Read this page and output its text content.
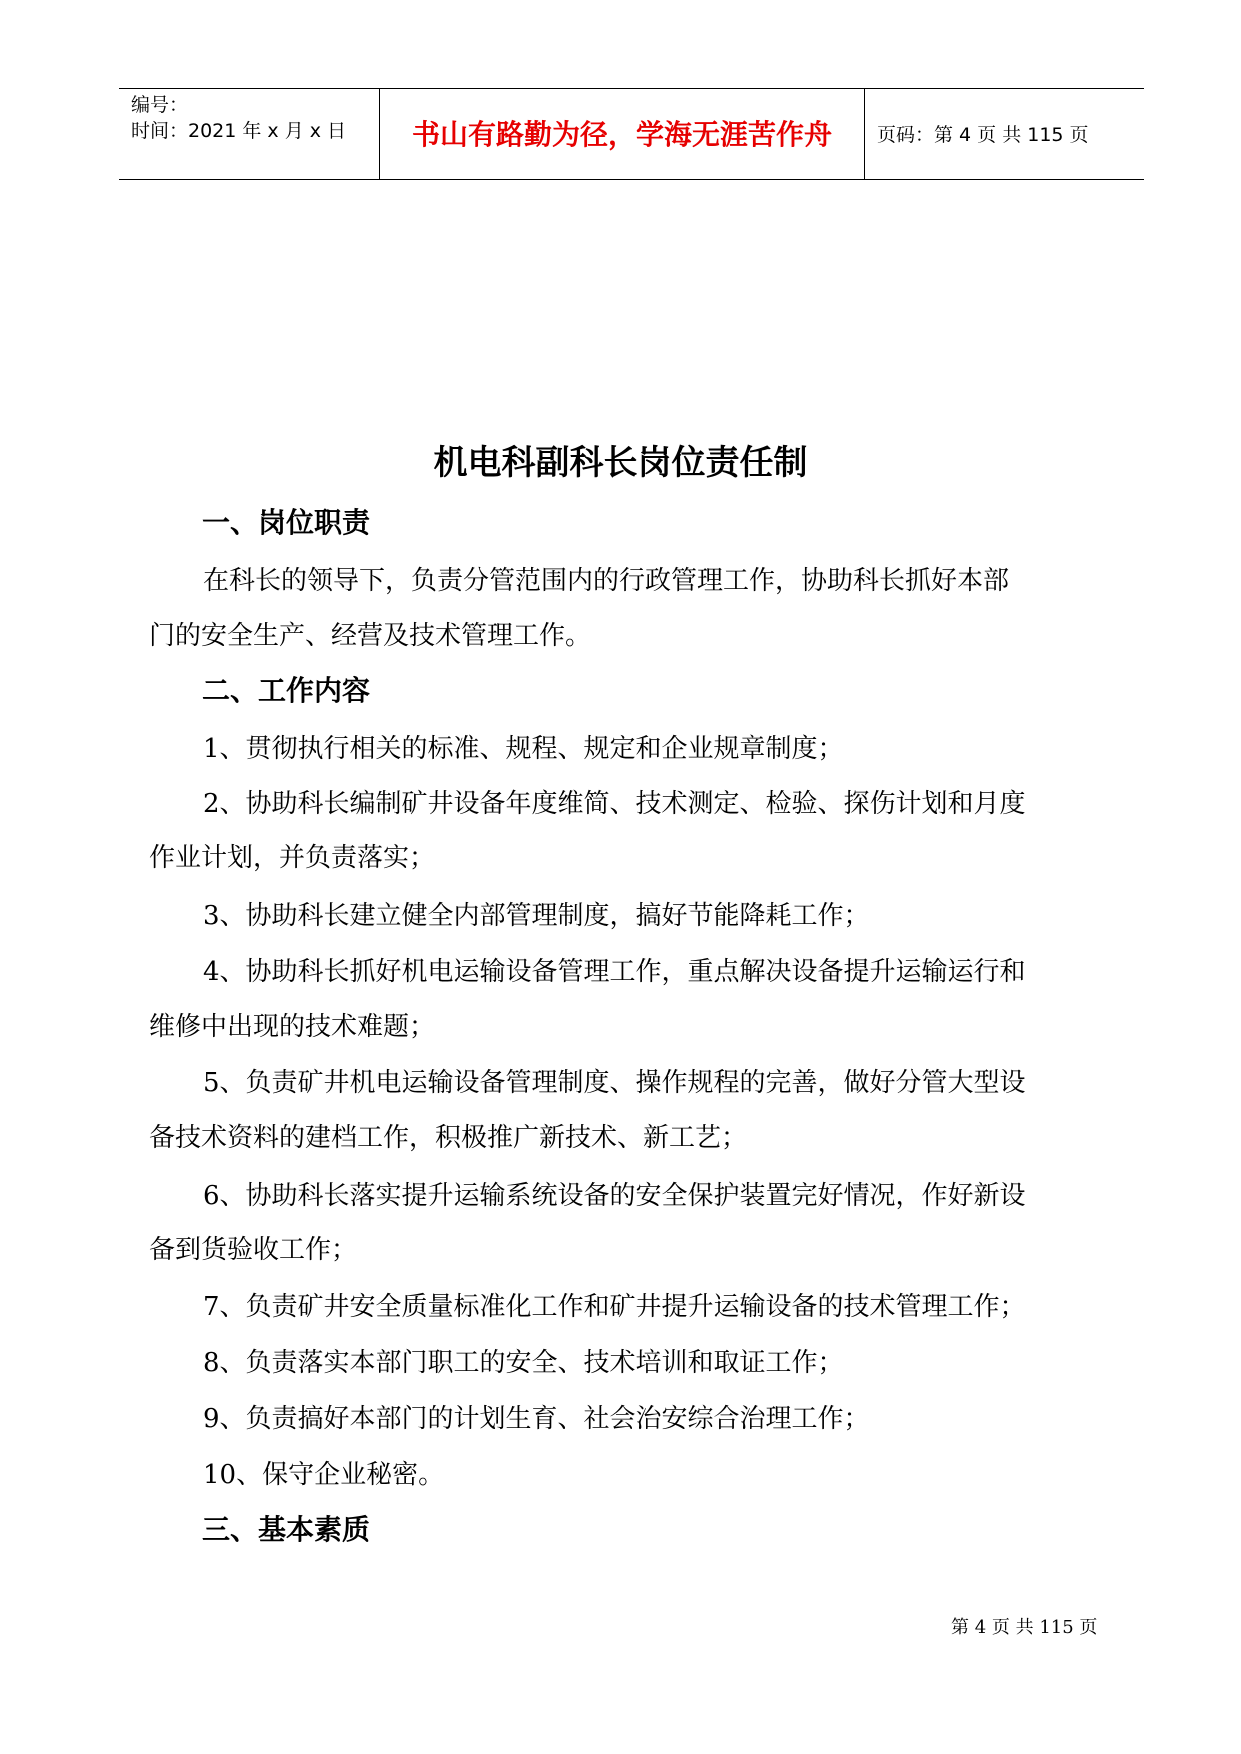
编号：
时间：2021 年 x 月 x 日	书山有路勤为径，学海无涯苦作舟	页码：第 4 页 共 115 页
机电科副科长岗位责任制
一、岗位职责
在科长的领导下，负责分管范围内的行政管理工作，协助科长抓好本部
门的安全生产、经营及技术管理工作。
二、工作内容
1、贯彻执行相关的标准、规程、规定和企业规章制度；
2、协助科长编制矿井设备年度维简、技术测定、检验、探伤计划和月度
作业计划，并负责落实；
3、协助科长建立健全内部管理制度，搞好节能降耗工作；
4、协助科长抓好机电运输设备管理工作，重点解决设备提升运输运行和
维修中出现的技术难题；
5、负责矿井机电运输设备管理制度、操作规程的完善，做好分管大型设
备技术资料的建档工作，积极推广新技术、新工艺；
6、协助科长落实提升运输系统设备的安全保护装置完好情况，作好新设
备到货验收工作；
7、负责矿井安全质量标准化工作和矿井提升运输设备的技术管理工作；
8、负责落实本部门职工的安全、技术培训和取证工作；
9、负责搞好本部门的计划生育、社会治安综合治理工作；
10、保守企业秘密。
三、基本素质
第 4 页 共 115 页
